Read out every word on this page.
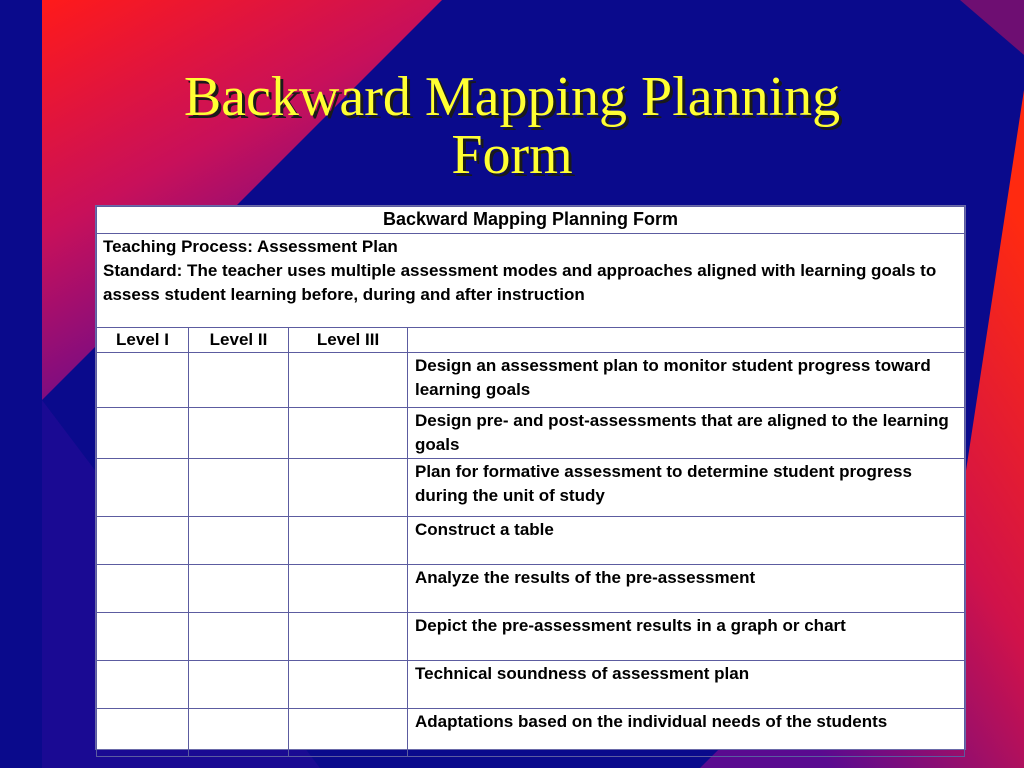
Backward Mapping Planning
Form
Backward Mapping Planning Form			

Teaching Process: Assessment Plan
Standard: The teacher uses multiple assessment modes and approaches aligned with learning goals to assess student learning before, during and after instruction			

Level I	Level II	Level III	
			Design an assessment plan to monitor student progress toward learning goals
			Design pre- and post-assessments that are aligned to the learning goals
			Plan for formative assessment to determine student progress during the unit of study
			Construct a table
			Analyze the results of the pre-assessment
			Depict the pre-assessment results in a graph or chart
			Technical soundness of assessment plan
			Adaptations based on the individual needs of the students
